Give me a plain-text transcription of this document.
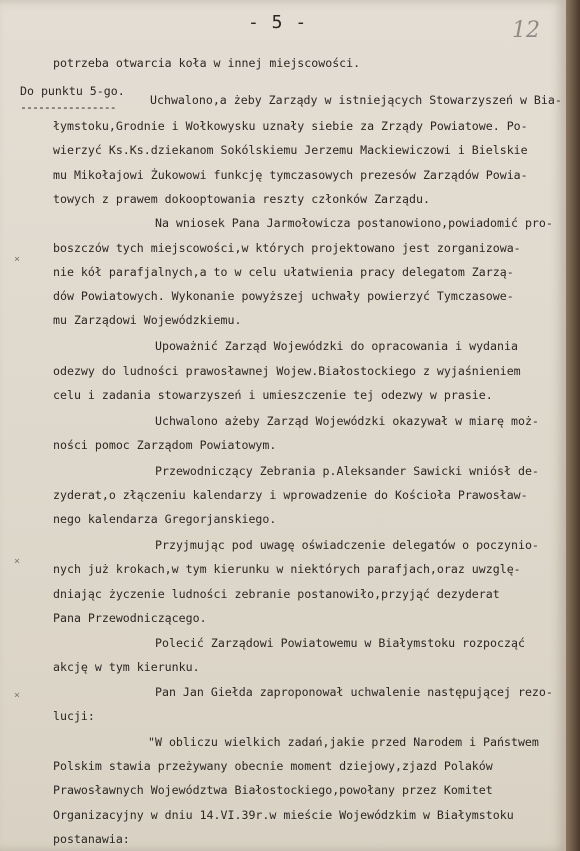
- 5 -	12
Do punktu 5-go.
----------------
potrzeba otwarcia koła w innej miejscowości.
Uchwalono,a żeby Zarządy w istniejących Stowarzyszeń w Bia-
łymstoku,Grodnie i Wołkowysku uznały siebie za Zrządy Powiatowe. Po-
wierzyć Ks.Ks.dziekanom Sokólskiemu Jerzemu Mackiewiczowi i Bielskie
mu Mikołajowi Żukowowi funkcję tymczasowych prezesów Zarządów Powia-
towych z prawem dokooptowania reszty członków Zarządu.
Na wniosek Pana Jarmołowicza postanowiono,powiadomić pro-
boszczów tych miejscowości,w których projektowano jest zorganizowa-
nie kół parafjalnych,a to w celu ułatwienia pracy delegatom Zarzą-
dów Powiatowych. Wykonanie powyższej uchwały powierzyć Tymczasowe-
mu Zarządowi Wojewódzkiemu.
Upoważnić Zarząd Wojewódzki do opracowania i wydania
odezwy do ludności prawosławnej Wojew.Białostockiego z wyjaśnieniem
celu i zadania stowarzyszeń i umieszczenie tej odezwy w prasie.
Uchwalono ażeby Zarząd Wojewódzki okazywał w miarę moż-
ności pomoc Zarządom Powiatowym.
Przewodniczący Zebrania p.Aleksander Sawicki wniósł de-
zyderat,o złączeniu kalendarzy i wprowadzenie do Kościoła Prawosław-
nego kalendarza Gregorjanskiego.
Przyjmując pod uwagę oświadczenie delegatów o poczynio-
nych już krokach,w tym kierunku w niektórych parafjach,oraz uwzglę-
dniając życzenie ludności zebranie postanowiło,przyjąć dezyderat
Pana Przewodniczącego.
Polecić Zarządowi Powiatowemu w Białymstoku rozpocząć
akcję w tym kierunku.
Pan Jan Giełda zaproponował uchwalenie następującej rezo-
lucji:
"W obliczu wielkich zadań,jakie przed Narodem i Państwem
Polskim stawia przeżywany obecnie moment dziejowy,zjazd Polaków
Prawosławnych Województwa Białostockiego,powołany przez Komitet
Organizacyjny w dniu 14.VI.39r.w mieście Wojewódzkim w Białymstoku
postanawia:
×
×
×
